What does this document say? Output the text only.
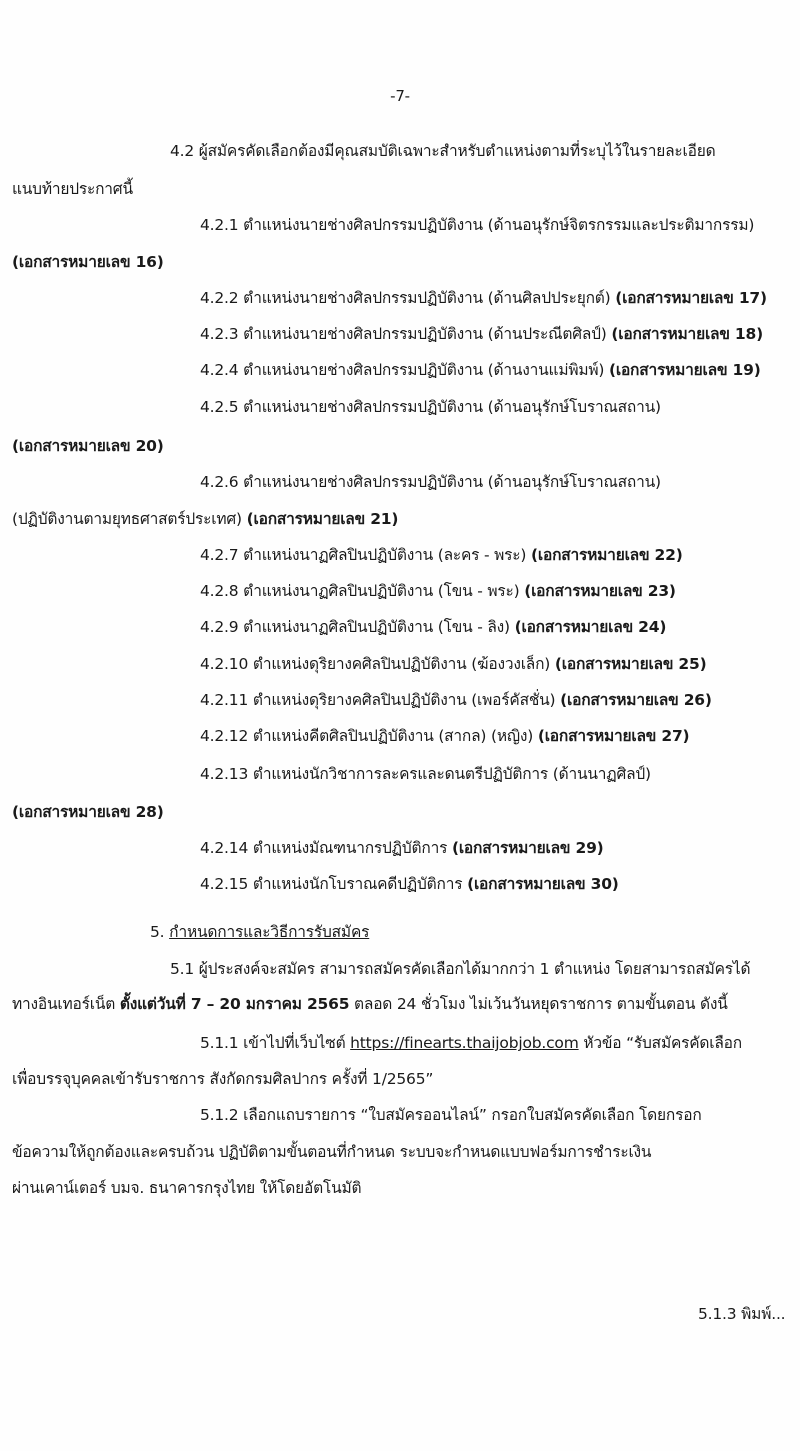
-7-
4.2 ผู้สมัครคัดเลือกต้องมีคุณสมบัติเฉพาะสำหรับตำแหน่งตามที่ระบุไว้ในรายละเอียด
แนบท้ายประกาศนี้
4.2.1 ตำแหน่งนายช่างศิลปกรรมปฏิบัติงาน (ด้านอนุรักษ์จิตรกรรมและประติมากรรม)
(เอกสารหมายเลข 16)
4.2.2 ตำแหน่งนายช่างศิลปกรรมปฏิบัติงาน (ด้านศิลปประยุกต์) (เอกสารหมายเลข 17)
4.2.3 ตำแหน่งนายช่างศิลปกรรมปฏิบัติงาน (ด้านประณีตศิลป์) (เอกสารหมายเลข 18)
4.2.4 ตำแหน่งนายช่างศิลปกรรมปฏิบัติงาน (ด้านงานแม่พิมพ์) (เอกสารหมายเลข 19)
4.2.5 ตำแหน่งนายช่างศิลปกรรมปฏิบัติงาน (ด้านอนุรักษ์โบราณสถาน)
(เอกสารหมายเลข 20)
4.2.6 ตำแหน่งนายช่างศิลปกรรมปฏิบัติงาน (ด้านอนุรักษ์โบราณสถาน)
(ปฏิบัติงานตามยุทธศาสตร์ประเทศ) (เอกสารหมายเลข 21)
4.2.7 ตำแหน่งนาฏศิลปินปฏิบัติงาน (ละคร - พระ) (เอกสารหมายเลข 22)
4.2.8 ตำแหน่งนาฏศิลปินปฏิบัติงาน (โขน - พระ) (เอกสารหมายเลข 23)
4.2.9 ตำแหน่งนาฏศิลปินปฏิบัติงาน (โขน - ลิง) (เอกสารหมายเลข 24)
4.2.10 ตำแหน่งดุริยางคศิลปินปฏิบัติงาน (ฆ้องวงเล็ก) (เอกสารหมายเลข 25)
4.2.11 ตำแหน่งดุริยางคศิลปินปฏิบัติงาน (เพอร์คัสชั่น) (เอกสารหมายเลข 26)
4.2.12 ตำแหน่งคีตศิลปินปฏิบัติงาน (สากล) (หญิง) (เอกสารหมายเลข 27)
4.2.13 ตำแหน่งนักวิชาการละครและดนตรีปฏิบัติการ (ด้านนาฏศิลป์)
(เอกสารหมายเลข 28)
4.2.14 ตำแหน่งมัณฑนากรปฏิบัติการ (เอกสารหมายเลข 29)
4.2.15 ตำแหน่งนักโบราณคดีปฏิบัติการ (เอกสารหมายเลข 30)
5. กำหนดการและวิธีการรับสมัคร
5.1 ผู้ประสงค์จะสมัคร สามารถสมัครคัดเลือกได้มากกว่า 1 ตำแหน่ง โดยสามารถสมัครได้
ทางอินเทอร์เน็ต ตั้งแต่วันที่ 7 – 20 มกราคม 2565 ตลอด 24 ชั่วโมง ไม่เว้นวันหยุดราชการ ตามขั้นตอน ดังนี้
5.1.1 เข้าไปที่เว็บไซต์ https://finearts.thaijobjob.com หัวข้อ “รับสมัครคัดเลือก
เพื่อบรรจุบุคคลเข้ารับราชการ สังกัดกรมศิลปากร ครั้งที่ 1/2565”
5.1.2 เลือกแถบรายการ “ใบสมัครออนไลน์” กรอกใบสมัครคัดเลือก โดยกรอก
ข้อความให้ถูกต้องและครบถ้วน ปฏิบัติตามขั้นตอนที่กำหนด ระบบจะกำหนดแบบฟอร์มการชำระเงิน
ผ่านเคาน์เตอร์ บมจ. ธนาคารกรุงไทย ให้โดยอัตโนมัติ
5.1.3 พิมพ์...
